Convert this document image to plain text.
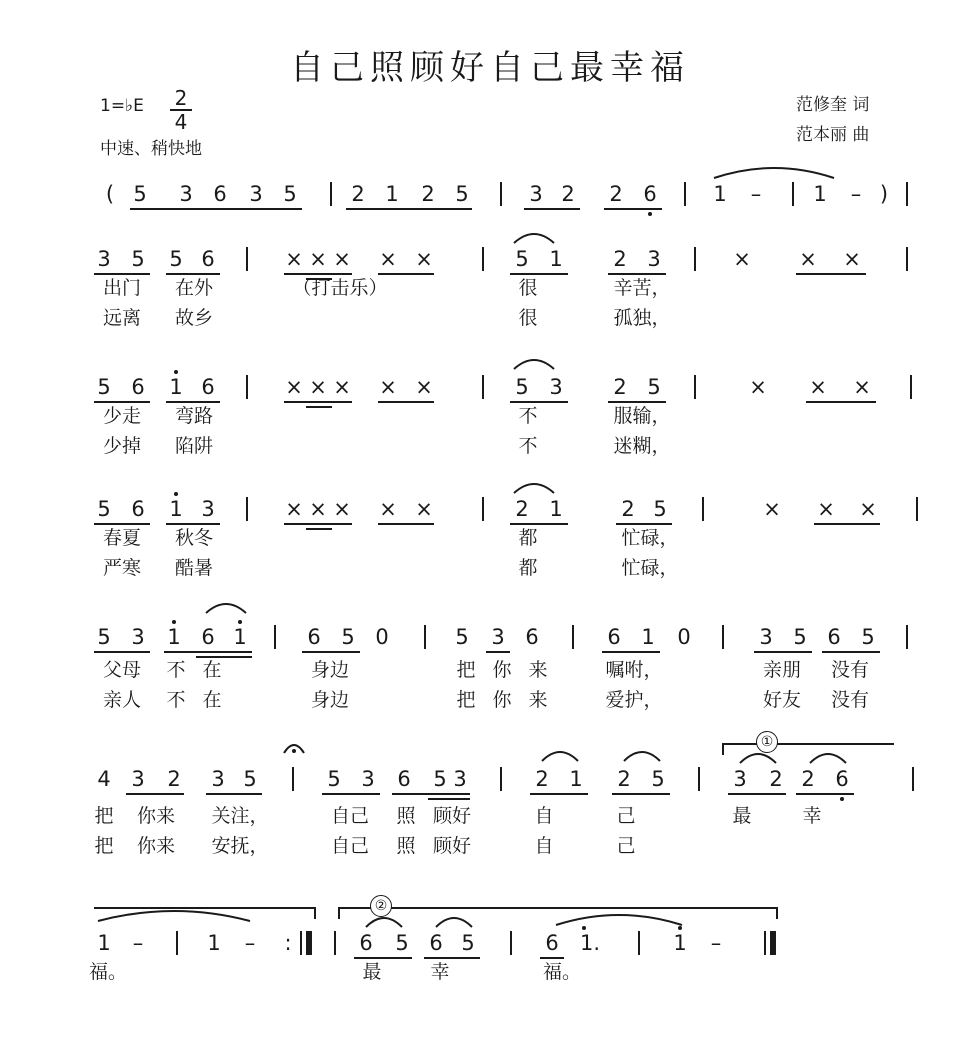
自己照顾好自己最幸福
1=♭E 2
4
中速、稍快地
范修奎 词
范本丽 曲
( 5 3 6 3 5	2 1 2 5	3 2 2 6	1 – 1 – )
3 5 5 6	× × × × ×	5 1 2 3	× × ×
出门 在外	（打击乐）	很	辛苦，
远离 故乡	很	孤独，
5 6 1 6	× × × × ×	5 3 2 5	× × ×
少走 弯路	不	服输，
少掉 陷阱	不	迷糊，
5 6 1 3	× × × × ×	2 1	2 5	× × ×
春夏 秋冬	都	忙碌，
严寒 酷暑	都	忙碌，
5 3 1 6 1	6 5 0	5 3 6	6 1 0	3 5 6 5
父母 不 在	身边	把 你 来	嘱咐，	亲朋 没有
亲人 不 在	身边	把 你 来	爱护，	好友 没有
4 3 2 3 5	5 3 6 5 3	2 1 2 5
①
3 2 2 6
把 你来 关注，	自己 照 顾好	自	己	最	幸
把 你来 安抚，	自己 照 顾好	自	己
1 –	1 – :
②
6 5 6 5	6 1.	1 –
福。	最	幸	福。
